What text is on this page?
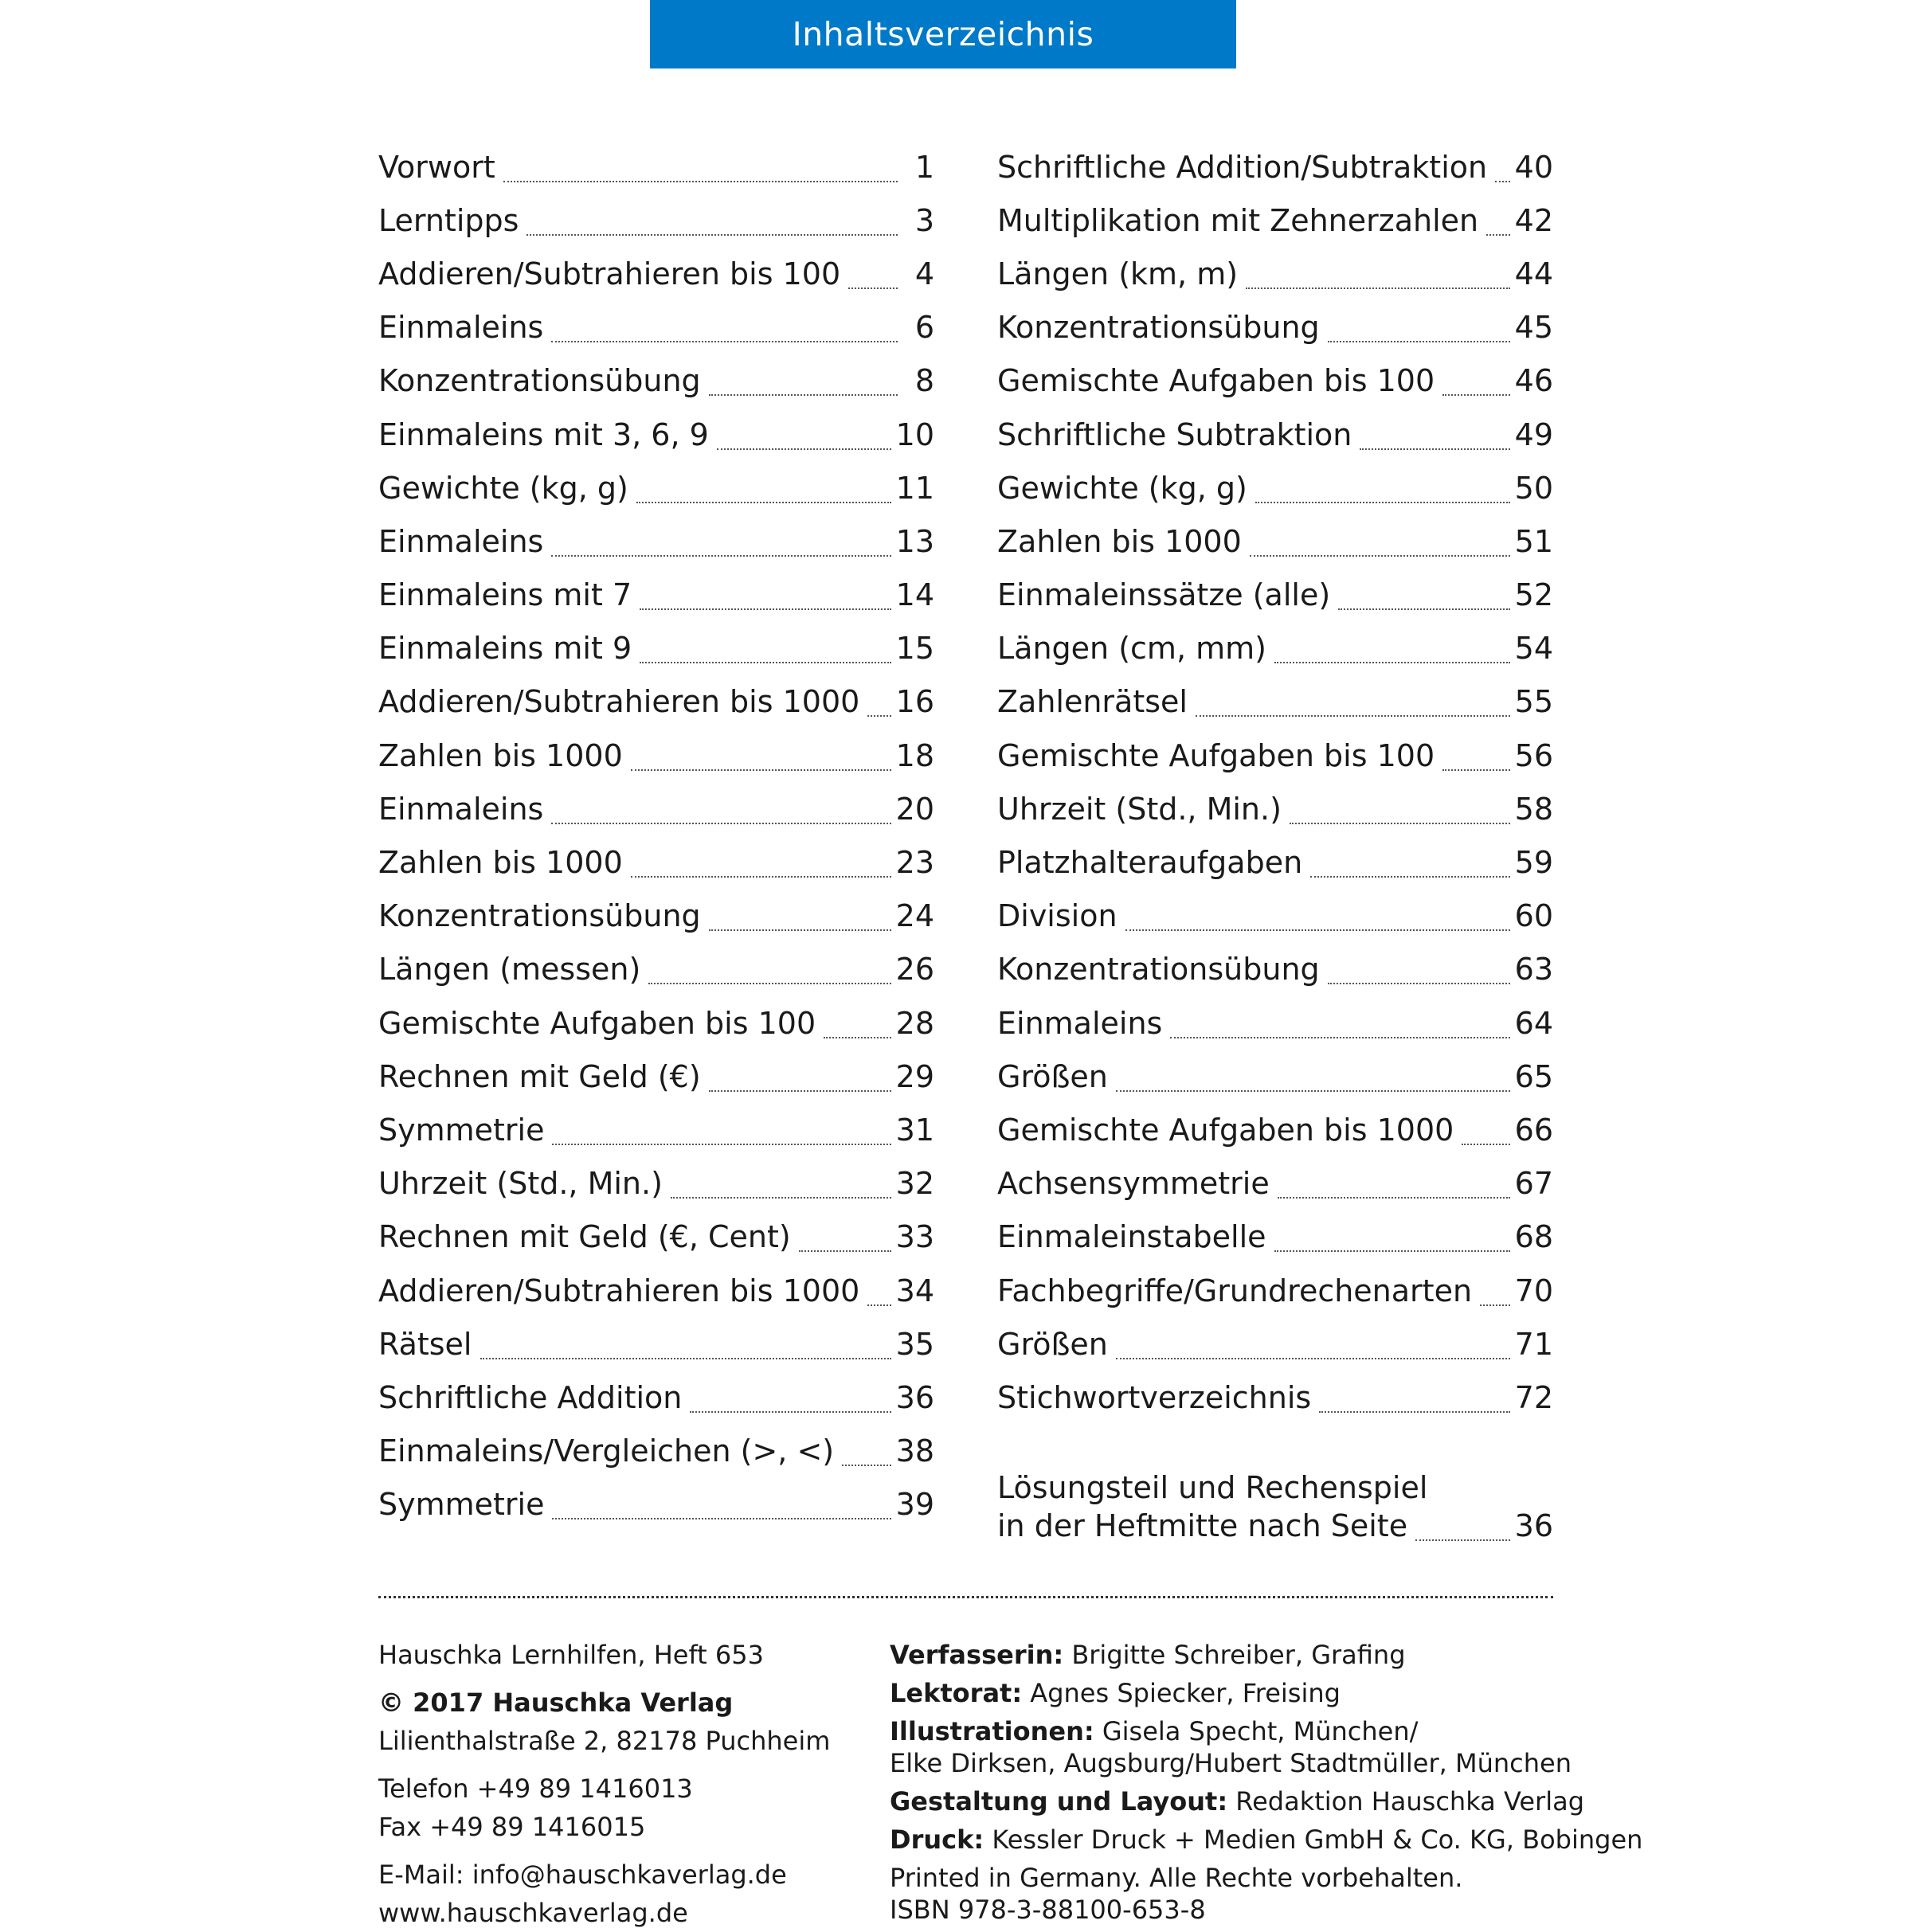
Inhaltsverzeichnis
Vorwort	1
Lerntipps	3
Addieren/Subtrahieren bis 100	4
Einmaleins	6
Konzentrationsübung	8
Einmaleins mit 3, 6, 9	10
Gewichte (kg, g)	11
Einmaleins	13
Einmaleins mit 7	14
Einmaleins mit 9	15
Addieren/Subtrahieren bis 1000 16
Zahlen bis 1000	18
Einmaleins	20
Zahlen bis 1000	23
Konzentrationsübung	24
Längen (messen)	26
Gemischte Aufgaben bis 100	28
Rechnen mit Geld (€)	29
Symmetrie	31
Uhrzeit (Std., Min.)	32
Rechnen mit Geld (€, Cent)	33
Addieren/Subtrahieren bis 1000 34
Rätsel	35
Schriftliche Addition	36
Einmaleins/Vergleichen (>, <) 38
Symmetrie	39
Schriftliche Addition/Subtraktion 40
Multiplikation mit Zehnerzahlen 42
Längen (km, m)	44
Konzentrationsübung	45
Gemischte Aufgaben bis 100	46
Schriftliche Subtraktion	49
Gewichte (kg, g)	50
Zahlen bis 1000	51
Einmaleinssätze (alle)	52
Längen (cm, mm)	54
Zahlenrätsel	55
Gemischte Aufgaben bis 100	56
Uhrzeit (Std., Min.)	58
Platzhalteraufgaben	59
Division	60
Konzentrationsübung	63
Einmaleins	64
Größen	65
Gemischte Aufgaben bis 1000 66
Achsensymmetrie	67
Einmaleinstabelle	68
Fachbegriffe/Grundrechenarten 70
Größen	71
Stichwortverzeichnis	72
Lösungsteil und Rechenspiel
in der Heftmitte nach Seite	36
Hauschka Lernhilfen, Heft 653
© 2017 Hauschka Verlag
Lilienthalstraße 2, 82178 Puchheim
Telefon +49 89 1416013
Fax +49 89 1416015
E-Mail: info@hauschkaverlag.de
www.hauschkaverlag.de
Verfasserin: Brigitte Schreiber, Grafing
Lektorat: Agnes Spiecker, Freising
Illustrationen: Gisela Specht, München/
Elke Dirksen, Augsburg/Hubert Stadtmüller, München
Gestaltung und Layout: Redaktion Hauschka Verlag
Druck: Kessler Druck + Medien GmbH & Co. KG, Bobingen
Printed in Germany. Alle Rechte vorbehalten.
ISBN 978-3-88100-653-8
